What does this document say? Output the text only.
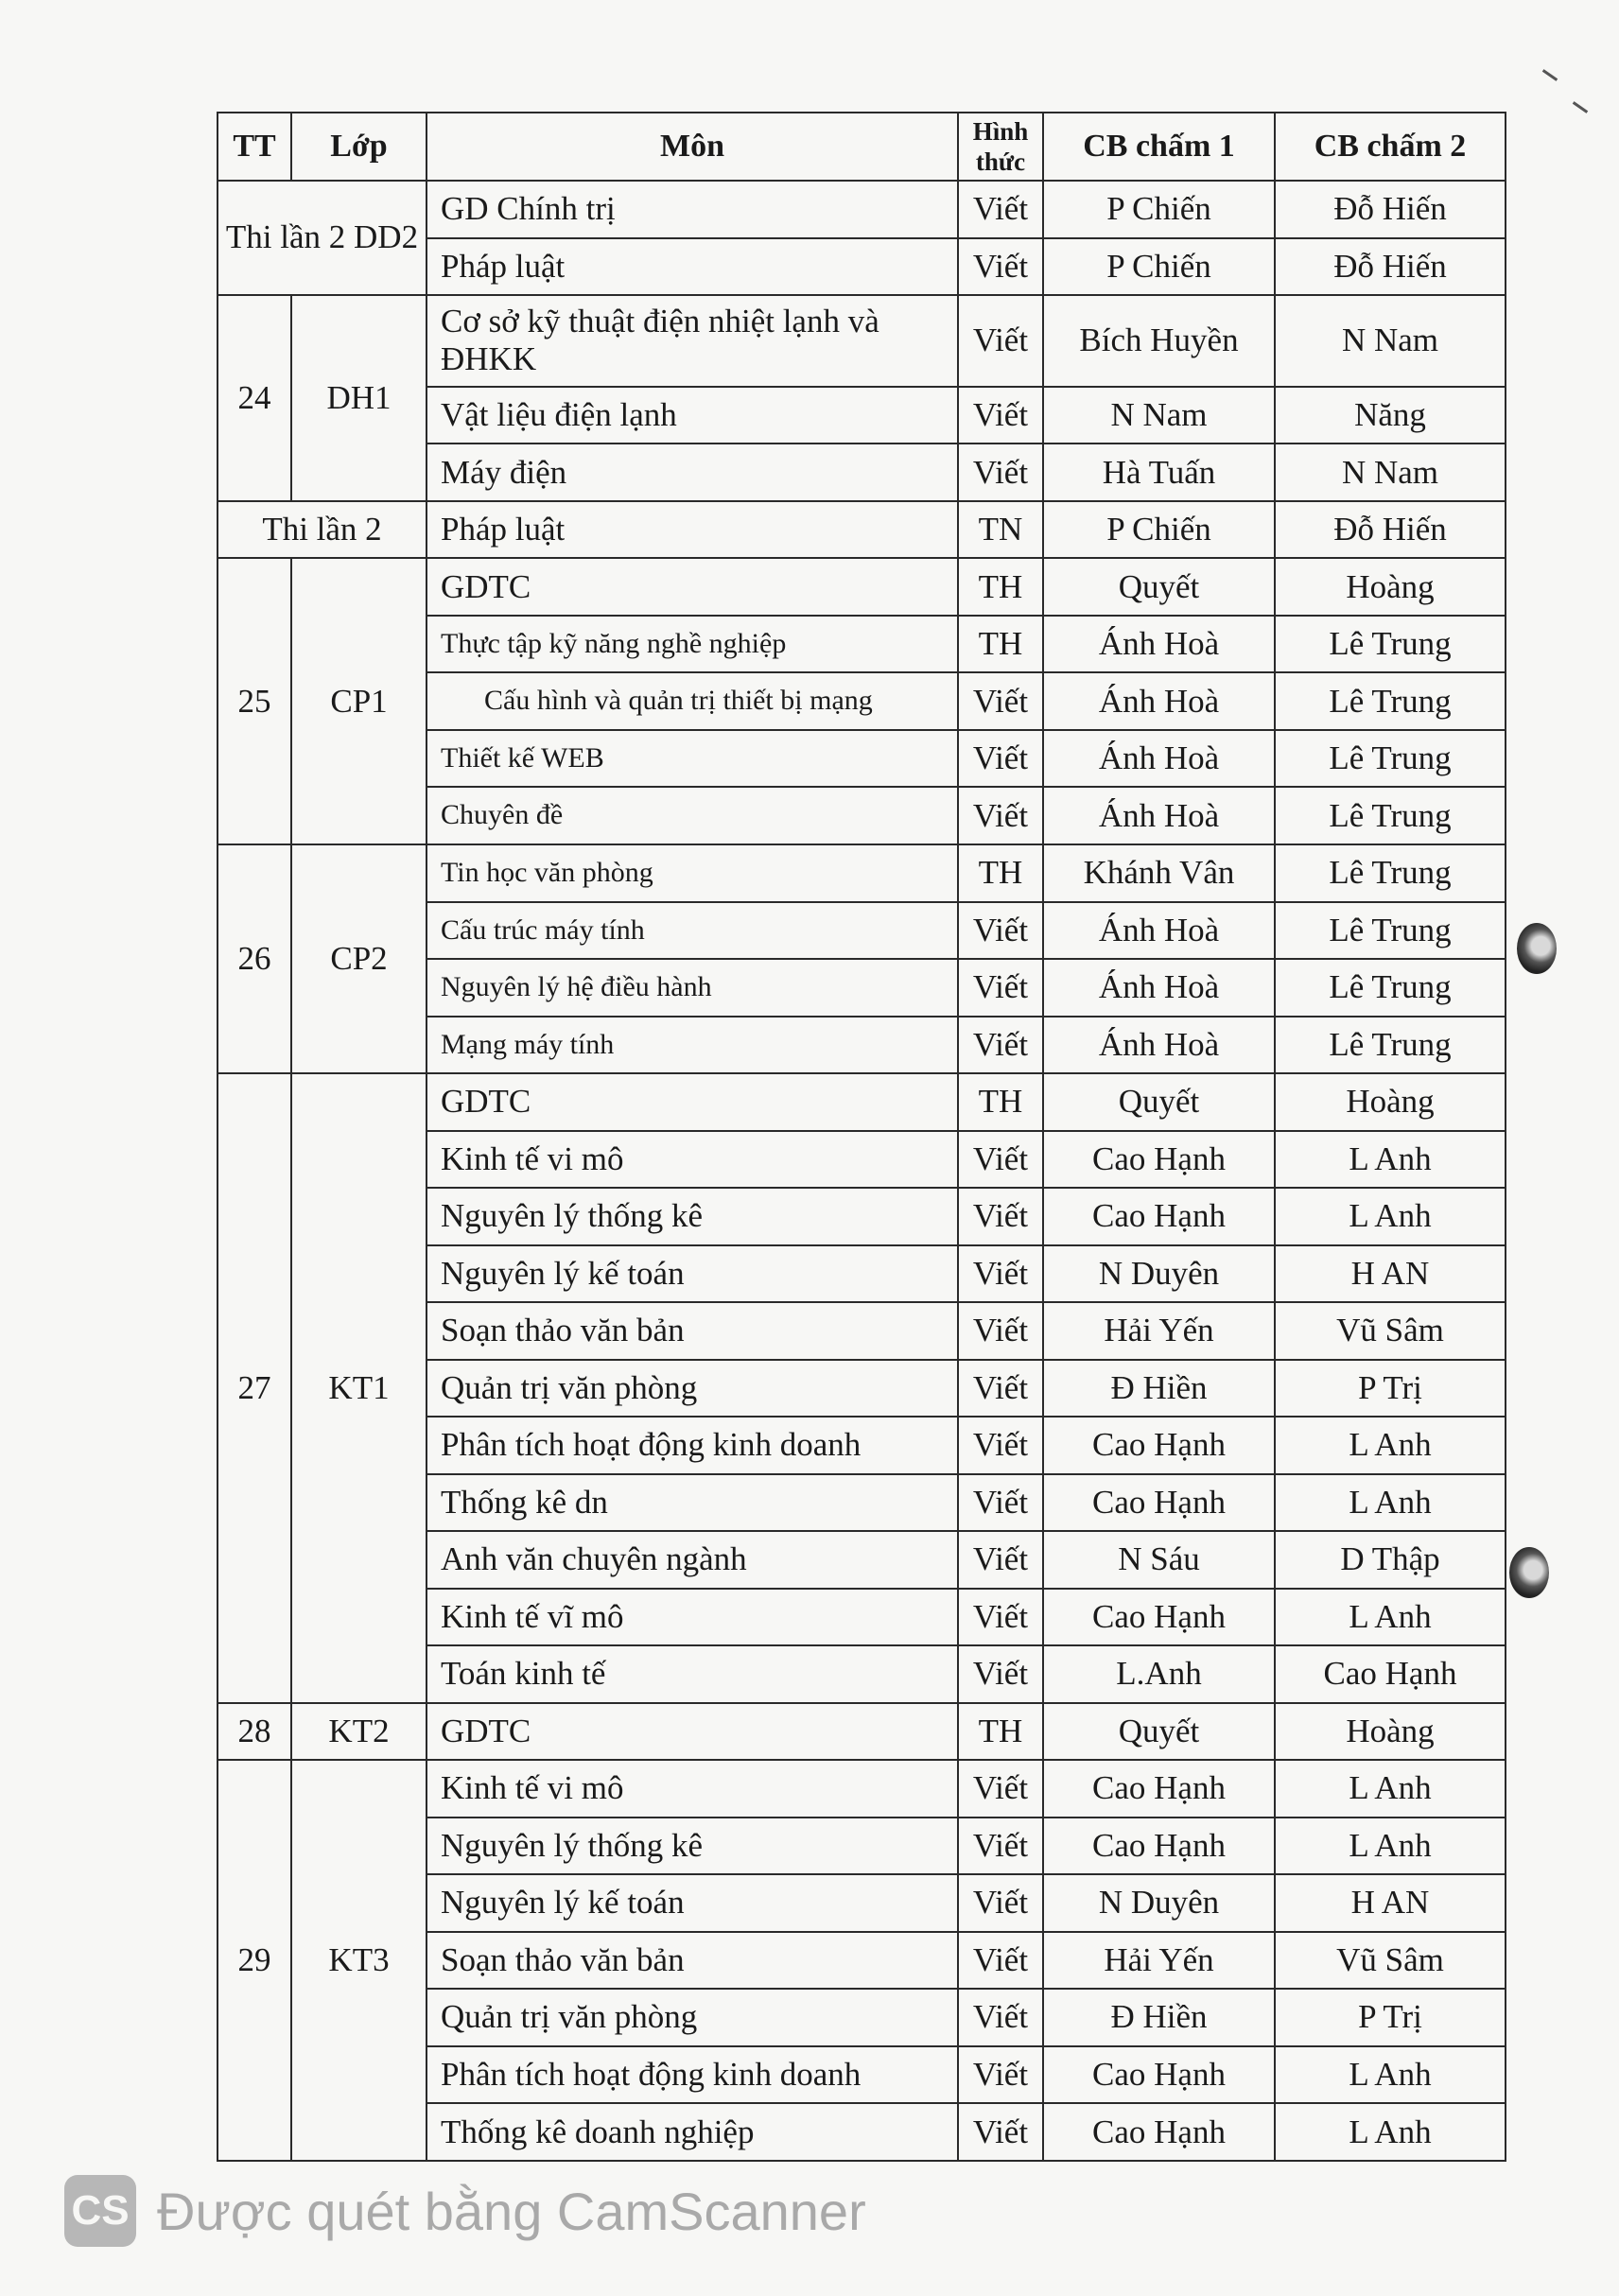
TT	Lớp	Môn	Hình thức	CB chấm 1	CB chấm 2
Thi lần 2 DD2		GD Chính trị	Viết	P Chiến	Đỗ Hiến
		Pháp luật	Viết	P Chiến	Đỗ Hiến
24	DH1	Cơ sở kỹ thuật điện nhiệt lạnh và ĐHKK	Viết	Bích Huyền	N Nam
		Vật liệu điện lạnh	Viết	N Nam	Năng
		Máy điện	Viết	Hà Tuấn	N Nam
Thi lần 2		Pháp luật	TN	P Chiến	Đỗ Hiến
25	CP1	GDTC	TH	Quyết	Hoàng
		Thực tập kỹ năng nghề nghiệp	TH	Ánh Hoà	Lê Trung
		Cấu hình và quản trị thiết bị mạng	Viết	Ánh Hoà	Lê Trung
		Thiết kế WEB	Viết	Ánh Hoà	Lê Trung
		Chuyên đề	Viết	Ánh Hoà	Lê Trung
26	CP2	Tin học văn phòng	TH	Khánh Vân	Lê Trung
		Cấu trúc máy tính	Viết	Ánh Hoà	Lê Trung
		Nguyên lý hệ điều hành	Viết	Ánh Hoà	Lê Trung
		Mạng máy tính	Viết	Ánh Hoà	Lê Trung
27	KT1	GDTC	TH	Quyết	Hoàng
		Kinh tế vi mô	Viết	Cao Hạnh	L Anh
		Nguyên lý thống kê	Viết	Cao Hạnh	L Anh
		Nguyên lý kế toán	Viết	N Duyên	H AN
		Soạn thảo văn bản	Viết	Hải Yến	Vũ Sâm
		Quản trị văn phòng	Viết	Đ Hiền	P Trị
		Phân tích hoạt động kinh doanh	Viết	Cao Hạnh	L Anh
		Thống kê dn	Viết	Cao Hạnh	L Anh
		Anh văn chuyên ngành	Viết	N Sáu	D Thập
		Kinh tế vĩ mô	Viết	Cao Hạnh	L Anh
		Toán kinh tế	Viết	L.Anh	Cao Hạnh
28	KT2	GDTC	TH	Quyết	Hoàng
29	KT3	Kinh tế vi mô	Viết	Cao Hạnh	L Anh
		Nguyên lý thống kê	Viết	Cao Hạnh	L Anh
		Nguyên lý kế toán	Viết	N Duyên	H AN
		Soạn thảo văn bản	Viết	Hải Yến	Vũ Sâm
		Quản trị văn phòng	Viết	Đ Hiền	P Trị
		Phân tích hoạt động kinh doanh	Viết	Cao Hạnh	L Anh
		Thống kê doanh nghiệp	Viết	Cao Hạnh	L Anh
CS Được quét bằng CamScanner
